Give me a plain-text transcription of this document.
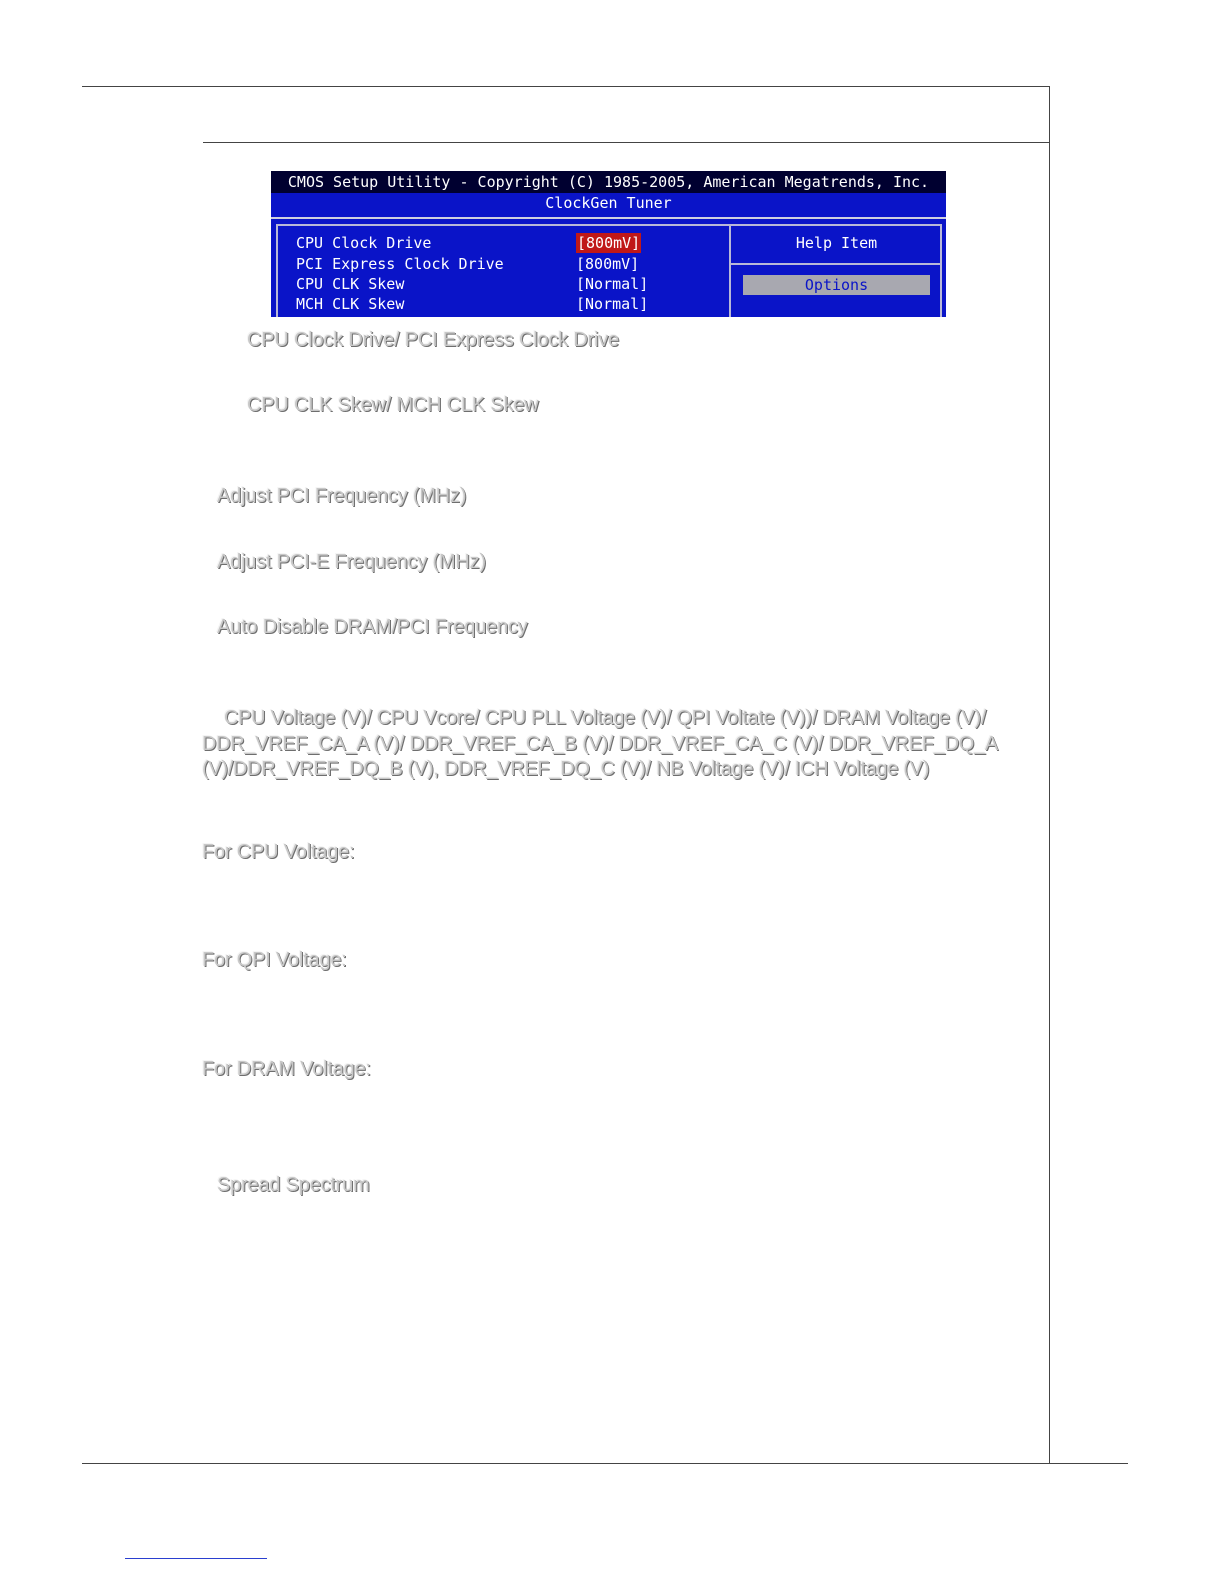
CMOS Setup Utility - Copyright (C) 1985-2005, American Megatrends, Inc.
ClockGen Tuner
CPU Clock Drive	[800mV]
PCI Express Clock Drive	[800mV]
CPU CLK Skew	[Normal]
MCH CLK Skew	[Normal]
Help Item
Options
CPU Clock Drive/ PCI Express Clock Drive
CPU CLK Skew/ MCH CLK Skew
Adjust PCI Frequency (MHz)
Adjust PCI-E Frequency (MHz)
Auto Disable DRAM/PCI Frequency
CPU Voltage (V)/ CPU Vcore/ CPU PLL Voltage (V)/ QPI Voltate (V))/ DRAM Voltage (V)/ DDR_VREF_CA_A (V)/ DDR_VREF_CA_B (V)/ DDR_VREF_CA_C (V)/ DDR_VREF_DQ_A (V)/DDR_VREF_DQ_B (V), DDR_VREF_DQ_C (V)/ NB Voltage (V)/ ICH Voltage (V)
For CPU Voltage:
For QPI Voltage:
For DRAM Voltage:
Spread Spectrum
